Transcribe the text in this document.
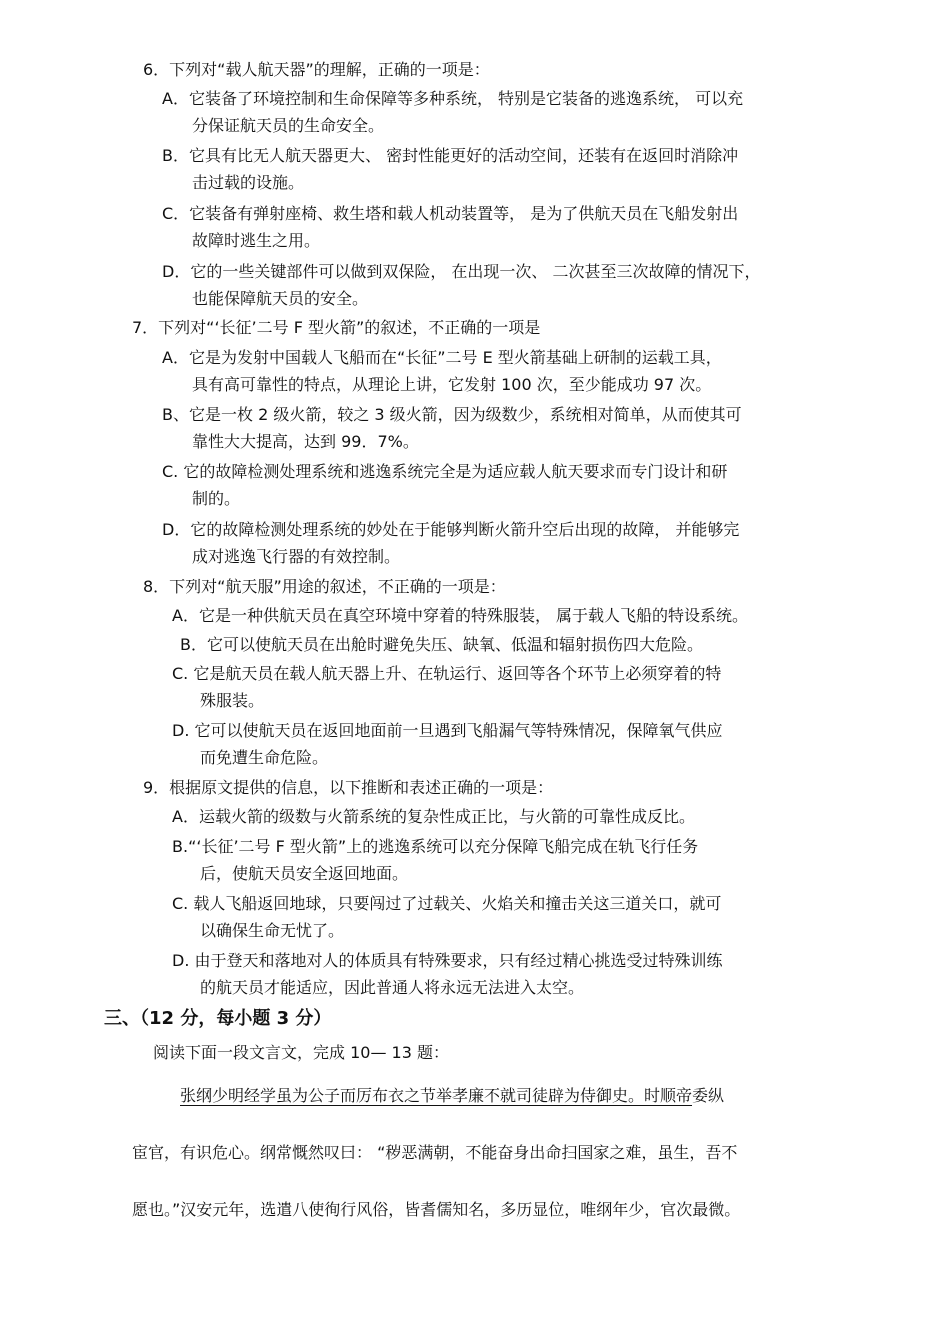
6．下列对“载人航天器”的理解，正确的一项是：
A．它装备了环境控制和生命保障等多种系统， 特别是它装备的逃逸系统， 可以充
分保证航天员的生命安全。
B．它具有比无人航天器更大、 密封性能更好的活动空间，还装有在返回时消除冲
击过载的设施。
C．它装备有弹射座椅、救生塔和载人机动装置等， 是为了供航天员在飞船发射出
故障时逃生之用。
D．它的一些关键部件可以做到双保险， 在出现一次、 二次甚至三次故障的情况下，
也能保障航天员的安全。
7．下列对“‘长征’二号 F 型火箭”的叙述，不正确的一项是
A．它是为发射中国载人飞船而在“长征”二号 E 型火箭基础上研制的运载工具，
具有高可靠性的特点，从理论上讲，它发射 100 次，至少能成功 97 次。
B、它是一枚 2 级火箭，较之 3 级火箭，因为级数少，系统相对简单，从而使其可
靠性大大提高，达到 99．7%。
C. 它的故障检测处理系统和逃逸系统完全是为适应载人航天要求而专门设计和研
制的。
D．它的故障检测处理系统的妙处在于能够判断火箭升空后出现的故障， 并能够完
成对逃逸飞行器的有效控制。
8．下列对“航天服”用途的叙述，不正确的一项是：
A．它是一种供航天员在真空环境中穿着的特殊服装， 属于载人飞船的特设系统。
B．它可以使航天员在出舱时避免失压、缺氧、低温和辐射损伤四大危险。
C. 它是航天员在载人航天器上升、在轨运行、返回等各个环节上必须穿着的特
殊服装。
D. 它可以使航天员在返回地面前一旦遇到飞船漏气等特殊情况，保障氧气供应
而免遭生命危险。
9．根据原文提供的信息，以下推断和表述正确的一项是：
A．运载火箭的级数与火箭系统的复杂性成正比，与火箭的可靠性成反比。
B.“‘长征’二号 F 型火箭”上的逃逸系统可以充分保障飞船完成在轨飞行任务
后，使航天员安全返回地面。
C. 载人飞船返回地球，只要闯过了过载关、火焰关和撞击关这三道关口，就可
以确保生命无忧了。
D. 由于登天和落地对人的体质具有特殊要求，只有经过精心挑选受过特殊训练
的航天员才能适应，因此普通人将永远无法进入太空。
三、（12 分，每小题 3 分）
阅读下面一段文言文，完成 10— 13 题：
张纲少明经学虽为公子而厉布衣之节举孝廉不就司徒辟为侍御史。时顺帝委纵
宦官，有识危心。纲常慨然叹曰： “秽恶满朝，不能奋身出命扫国家之难，虽生，吾不
愿也。”汉安元年，选遣八使徇行风俗，皆耆儒知名，多历显位，唯纲年少，官次最微。
